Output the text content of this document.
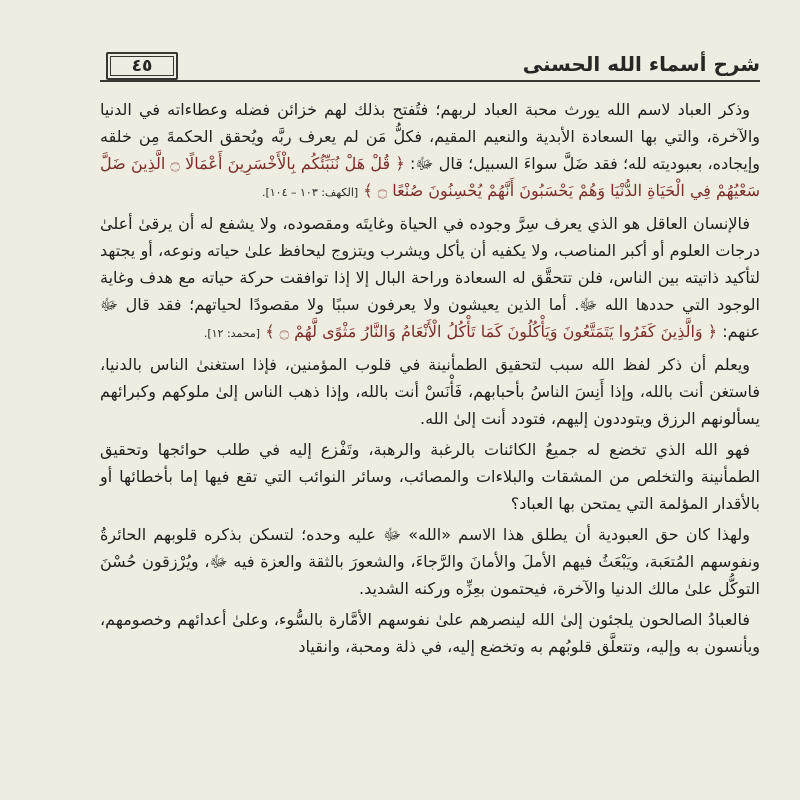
شرح أسماء الله الحسنى
٤٥

وذكر العباد لاسم الله يورث محبة العباد لربهم؛ فتُفتح بذلك لهم خزائن فضله وعطاءاته في الدنيا والآخرة، والتي بها السعادة الأبدية والنعيم المقيم، فكلُّ مَن لم يعرف ربَّه ويُحقق الحكمةَ مِن خلقه وإيجاده، بعبوديته لله؛ فقد ضَلَّ سواءَ السبيل؛ قال ﷻ: ﴿ قُلْ هَلْ نُنَبِّئُكُم بِالْأَخْسَرِينَ أَعْمَالًا ۝ الَّذِينَ ضَلَّ سَعْيُهُمْ فِي الْحَيَاةِ الدُّنْيَا وَهُمْ يَحْسَبُونَ أَنَّهُمْ يُحْسِنُونَ صُنْعًا ۝ ﴾ [الكهف: ١٠٣ – ١٠٤].

فالإنسان العاقل هو الذي يعرف سِرَّ وجوده في الحياة وغايتَه ومقصوده، ولا يشفع له أن يرقىٰ أعلىٰ درجات العلوم أو أكبر المناصب، ولا يكفيه أن يأكل ويشرب ويتزوج ليحافظ علىٰ حياته ونوعه، أو يجتهد لتأكيد ذاتيته بين الناس، فلن تتحقَّق له السعادة وراحة البال إلا إذا توافقت حركة حياته مع هدف وغاية الوجود التي حددها الله ﷻ. أما الذين يعيشون ولا يعرفون سببًا ولا مقصودًا لحياتهم؛ فقد قال ﷻ عنهم: ﴿ وَالَّذِينَ كَفَرُوا يَتَمَتَّعُونَ وَيَأْكُلُونَ كَمَا تَأْكُلُ الْأَنْعَامُ وَالنَّارُ مَثْوًى لَّهُمْ ۝ ﴾ [محمد: ١٢].

ويعلم أن ذكر لفظ الله سبب لتحقيق الطمأنينة في قلوب المؤمنين، فإذا استغنىٰ الناس بالدنيا، فاستغن أنت بالله، وإذا أَنِسَ الناسُ بأحبابهم، فَأْنَسْ أنت بالله، وإذا ذهب الناس إلىٰ ملوكهم وكبرائهم يسألونهم الرزق ويتوددون إليهم، فتودد أنت إلىٰ الله.

فهو الله الذي تخضع له جميعُ الكائنات بالرغبة والرهبة، وتَفْزع إليه في طلب حوائجها وتحقيق الطمأنينة والتخلص من المشقات والبلاءات والمصائب، وسائر النوائب التي تقع فيها إما بأخطائها أو بالأقدار المؤلمة التي يمتحن بها العباد؟

ولهذا كان حق العبودية أن يطلق هذا الاسم «الله» ﷻ عليه وحده؛ لتسكن بذكره قلوبهم الحائرةُ ونفوسهم المُتعَبة، ويَبْعَثُ فيهم الأملَ والأمانَ والرَّجاءَ، والشعورَ بالثقة والعزة فيه ﷻ، ويُرْزقون حُسْنَ التوكُّل علىٰ مالك الدنيا والآخرة، فيحتمون بعِزِّه وركنه الشديد.

فالعبادُ الصالحون يلجئون إلىٰ الله لينصرهم علىٰ نفوسهم الأمَّارة بالسُّوء، وعلىٰ أعدائهم وخصومهم، ويأنسون به وإليه، وتتعلَّق قلوبُهم به وتخضع إليه، في ذلة ومحبة، وانقياد
